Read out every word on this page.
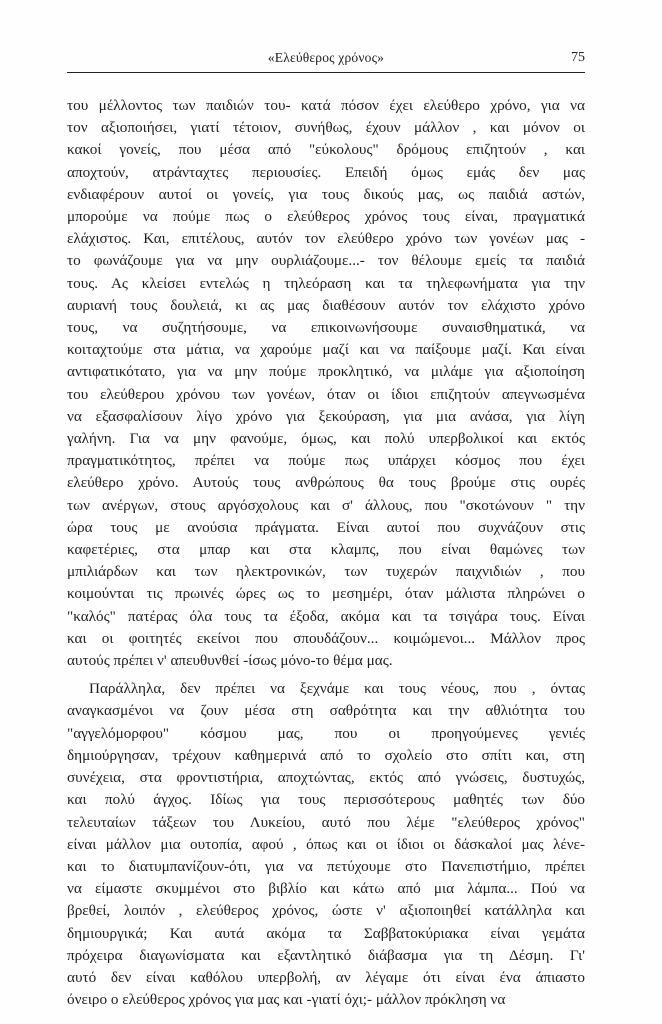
«Ελεύθερος χρόνος»	75

του μέλλοντος των παιδιών του- κατά πόσον έχει ελεύθερο χρόνο, για να
τον αξιοποιήσει, γιατί τέτοιον, συνήθως, έχουν μάλλον , και μόνον οι
κακοί γονείς, που μέσα από "εύκολους" δρόμους επιζητούν , και
αποχτούν, ατράνταχτες περιουσίες. Επειδή όμως εμάς δεν μας
ενδιαφέρουν αυτοί οι γονείς, για τους δικούς μας, ως παιδιά αστών,
μπορούμε να πούμε πως ο ελεύθερος χρόνος τους είναι, πραγματικά
ελάχιστος. Και, επιτέλους, αυτόν τον ελεύθερο χρόνο των γονέων μας -
το φωνάζουμε για να μην ουρλιάζουμε...- τον θέλουμε εμείς τα παιδιά
τους. Ας κλείσει εντελώς η τηλεόραση και τα τηλεφωνήματα για την
αυριανή τους δουλειά, κι ας μας διαθέσουν αυτόν τον ελάχιστο χρόνο
τους, να συζητήσουμε, να επικοινωνήσουμε συναισθηματικά, να
κοιταχτούμε στα μάτια, να χαρούμε μαζί και να παίξουμε μαζί. Και είναι
αντιφατικότατο, για να μην πούμε προκλητικό, να μιλάμε για αξιοποίηση
του ελεύθερου χρόνου των γονέων, όταν οι ίδιοι επιζητούν απεγνωσμένα
να εξασφαλίσουν λίγο χρόνο για ξεκούραση, για μια ανάσα, για λίγη
γαλήνη. Για να μην φανούμε, όμως, και πολύ υπερβολικοί και εκτός
πραγματικότητος, πρέπει να πούμε πως υπάρχει κόσμος που έχει
ελεύθερο χρόνο. Αυτούς τους ανθρώπους θα τους βρούμε στις ουρές
των ανέργων, στους αργόσχολους και σ' άλλους, που "σκοτώνουν " την
ώρα τους με ανούσια πράγματα. Είναι αυτοί που συχνάζουν στις
καφετέριες, στα μπαρ και στα κλαμπς, που είναι θαμώνες των
μπιλιάρδων και των ηλεκτρονικών, των τυχερών παιχνιδιών , που
κοιμούνται τις πρωινές ώρες ως το μεσημέρι, όταν μάλιστα πληρώνει ο
"καλός" πατέρας όλα τους τα έξοδα, ακόμα και τα τσιγάρα τους. Είναι
και οι φοιτητές εκείνοι που σπουδάζουν... κοιμώμενοι... Μάλλον προς
αυτούς πρέπει ν' απευθυνθεί -ίσως μόνο-το θέμα μας.

Παράλληλα, δεν πρέπει να ξεχνάμε και τους νέους, που , όντας
αναγκασμένοι να ζουν μέσα στη σαθρότητα και την αθλιότητα του
"αγγελόμορφου" κόσμου μας, που οι προηγούμενες γενιές
δημιούργησαν, τρέχουν καθημερινά από το σχολείο στο σπίτι και, στη
συνέχεια, στα φροντιστήρια, αποχτώντας, εκτός από γνώσεις, δυστυχώς,
και πολύ άγχος. Ιδίως για τους περισσότερους μαθητές των δύο
τελευταίων τάξεων του Λυκείου, αυτό που λέμε "ελεύθερος χρόνος"
είναι μάλλον μια ουτοπία, αφού , όπως και οι ίδιοι οι δάσκαλοί μας λένε-
και το διατυμπανίζουν-ότι, για να πετύχουμε στο Πανεπιστήμιο, πρέπει
να είμαστε σκυμμένοι στο βιβλίο και κάτω από μια λάμπα... Πού να
βρεθεί, λοιπόν , ελεύθερος χρόνος, ώστε ν' αξιοποιηθεί κατάλληλα και
δημιουργικά; Και αυτά ακόμα τα Σαββατοκύριακα είναι γεμάτα
πρόχειρα διαγωνίσματα και εξαντλητικό διάβασμα για τη Δέσμη. Γι'
αυτό δεν είναι καθόλου υπερβολή, αν λέγαμε ότι είναι ένα άπιαστο
όνειρο ο ελεύθερος χρόνος για μας και -γιατί όχι;- μάλλον πρόκληση να
